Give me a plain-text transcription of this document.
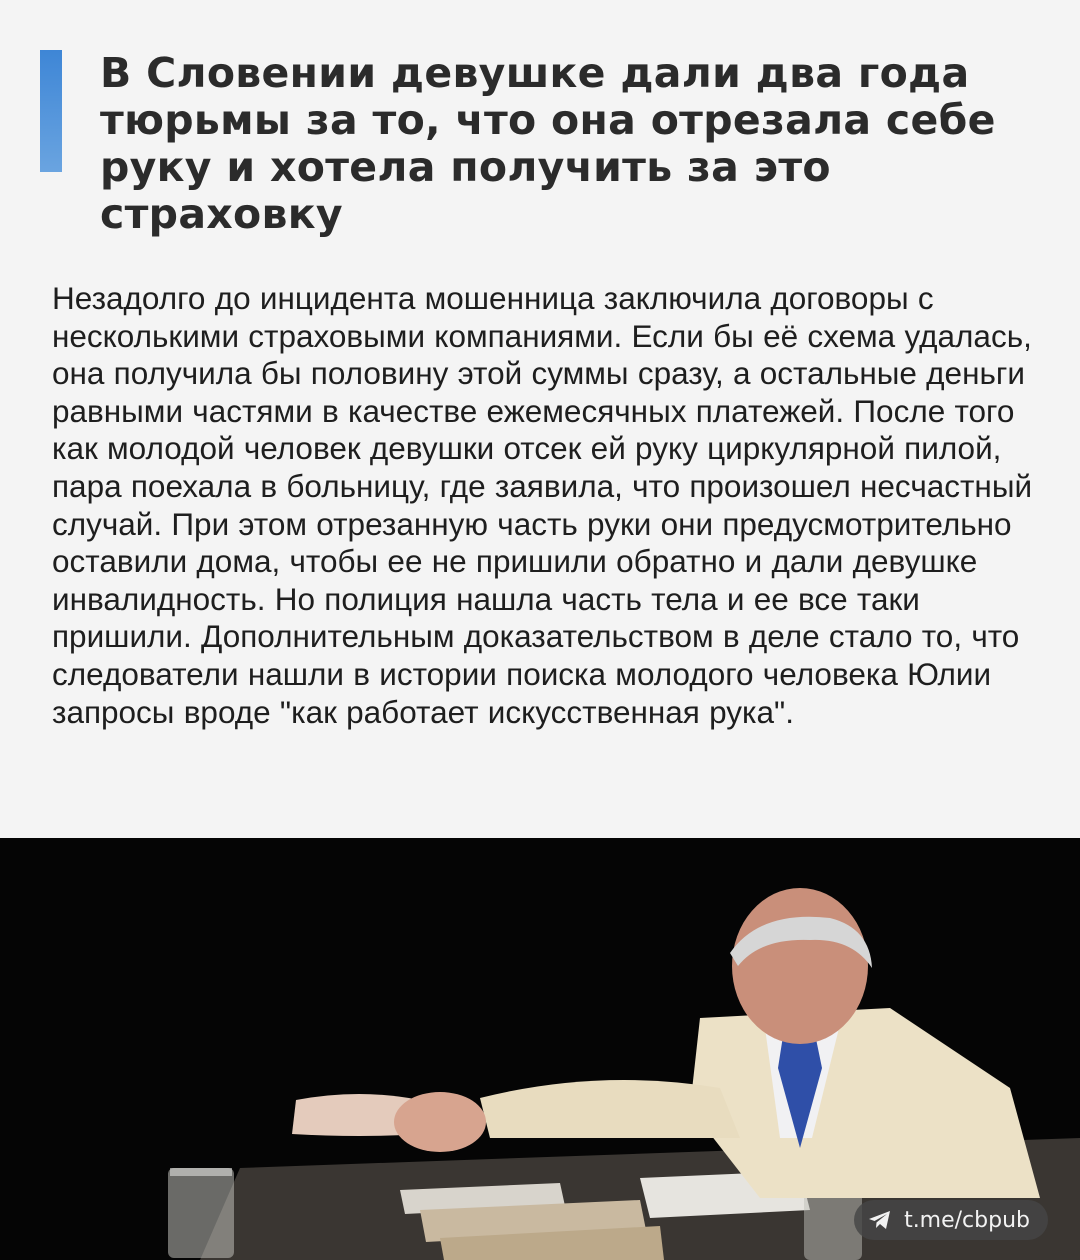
В Словении девушке дали два года тюрьмы за то, что она отрезала себе руку и хотела получить за это страховку

Незадолго до инцидента мошенница заключила договоры с несколькими страховыми компаниями. Если бы её схема удалась, она получила бы половину этой суммы сразу, а остальные деньги равными частями в качестве ежемесячных платежей. После того как молодой человек девушки отсек ей руку циркулярной пилой, пара поехала в больницу, где заявила, что произошел несчастный случай. При этом отрезанную часть руки они предусмотрительно оставили дома, чтобы ее не пришили обратно и дали девушке инвалидность. Но полиция нашла часть тела и ее все таки пришили. Дополнительным доказательством в деле стало то, что следователи нашли в истории поиска молодого человека Юлии запросы вроде "как работает искусственная рука".

t.me/cbpub
